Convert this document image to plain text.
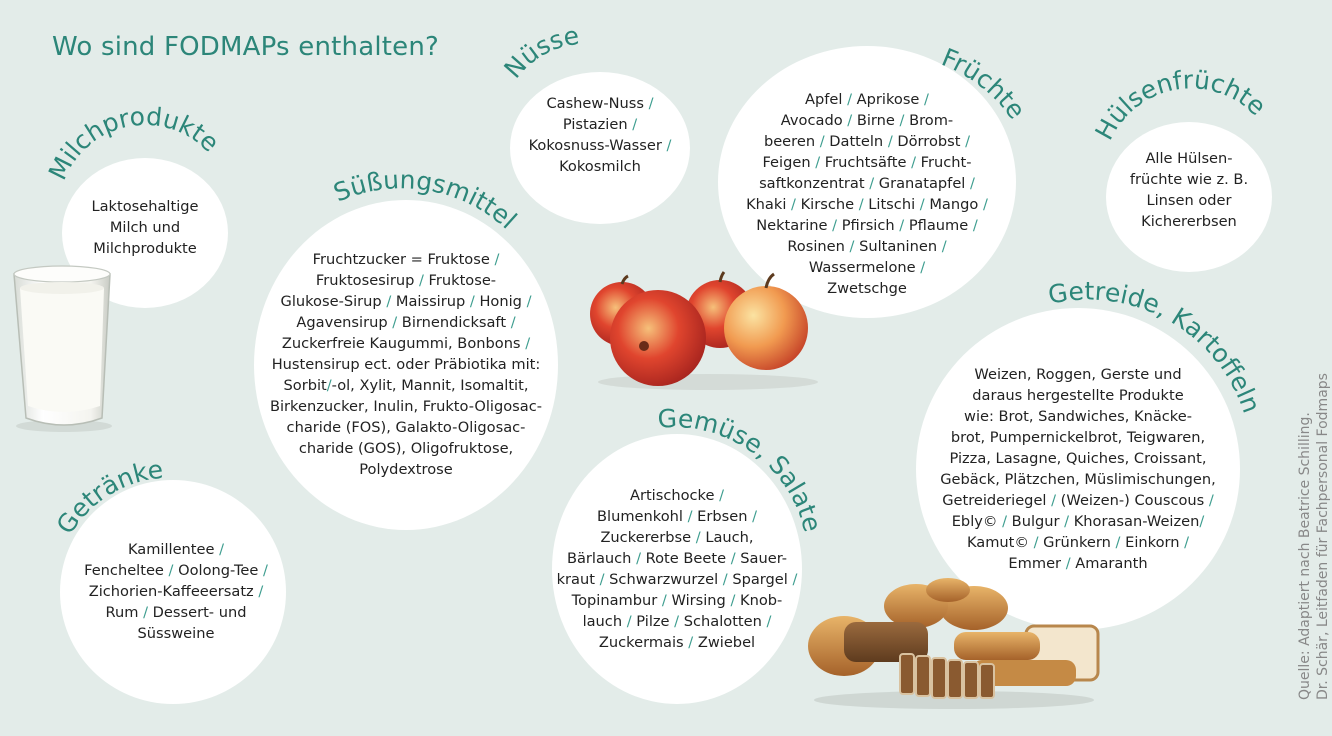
Wo sind FODMAPs enthalten?
Milchprodukte
Nüsse
Früchte
Hülsenfrüchte
Süßungsmittel
Getreide, Kartoffeln
Getränke
Gemüse, Salate
Laktosehaltige
Milch und
Milchprodukte
Cashew-Nuss /
Pistazien /
Kokosnuss-Wasser /
Kokosmilch
Apfel / Aprikose /
Avocado / Birne / Brom-
beeren / Datteln / Dörrobst /
Feigen / Fruchtsäfte / Frucht-
saftkonzentrat / Granatapfel /
Khaki / Kirsche / Litschi / Mango /
Nektarine / Pfirsich / Pflaume /
Rosinen / Sultaninen /
Wassermelone /
Zwetschge
Alle Hülsen-
früchte wie z. B.
Linsen oder
Kichererbsen
Fruchtzucker = Fruktose /
Fruktosesirup / Fruktose-
Glukose-Sirup / Maissirup / Honig /
Agavensirup / Birnendicksaft /
Zuckerfreie Kaugummi, Bonbons /
Hustensirup ect. oder Präbiotika mit:
Sorbit/-ol, Xylit, Mannit, Isomaltit,
Birkenzucker, Inulin, Frukto-Oligosac-
charide (FOS), Galakto-Oligosac-
charide (GOS), Oligofruktose,
Polydextrose
Weizen, Roggen, Gerste und
daraus hergestellte Produkte
wie: Brot, Sandwiches, Knäcke-
brot, Pumpernickelbrot, Teigwaren,
Pizza, Lasagne, Quiches, Croissant,
Gebäck, Plätzchen, Müslimischungen,
Getreideriegel / (Weizen-) Couscous /
Ebly© / Bulgur / Khorasan-Weizen/
Kamut© / Grünkern / Einkorn /
Emmer / Amaranth
Kamillentee /
Fencheltee / Oolong-Tee /
Zichorien-Kaffeeersatz /
Rum / Dessert- und
Süssweine
Artischocke /
Blumenkohl / Erbsen /
Zuckererbse / Lauch,
Bärlauch / Rote Beete / Sauer-
kraut / Schwarzwurzel / Spargel /
Topinambur / Wirsing / Knob-
lauch / Pilze / Schalotten /
Zuckermais / Zwiebel	Quelle: Adaptiert nach Beatrice Schilling. Dr. Schär, Leitfaden für Fachpersonal Fodmaps
